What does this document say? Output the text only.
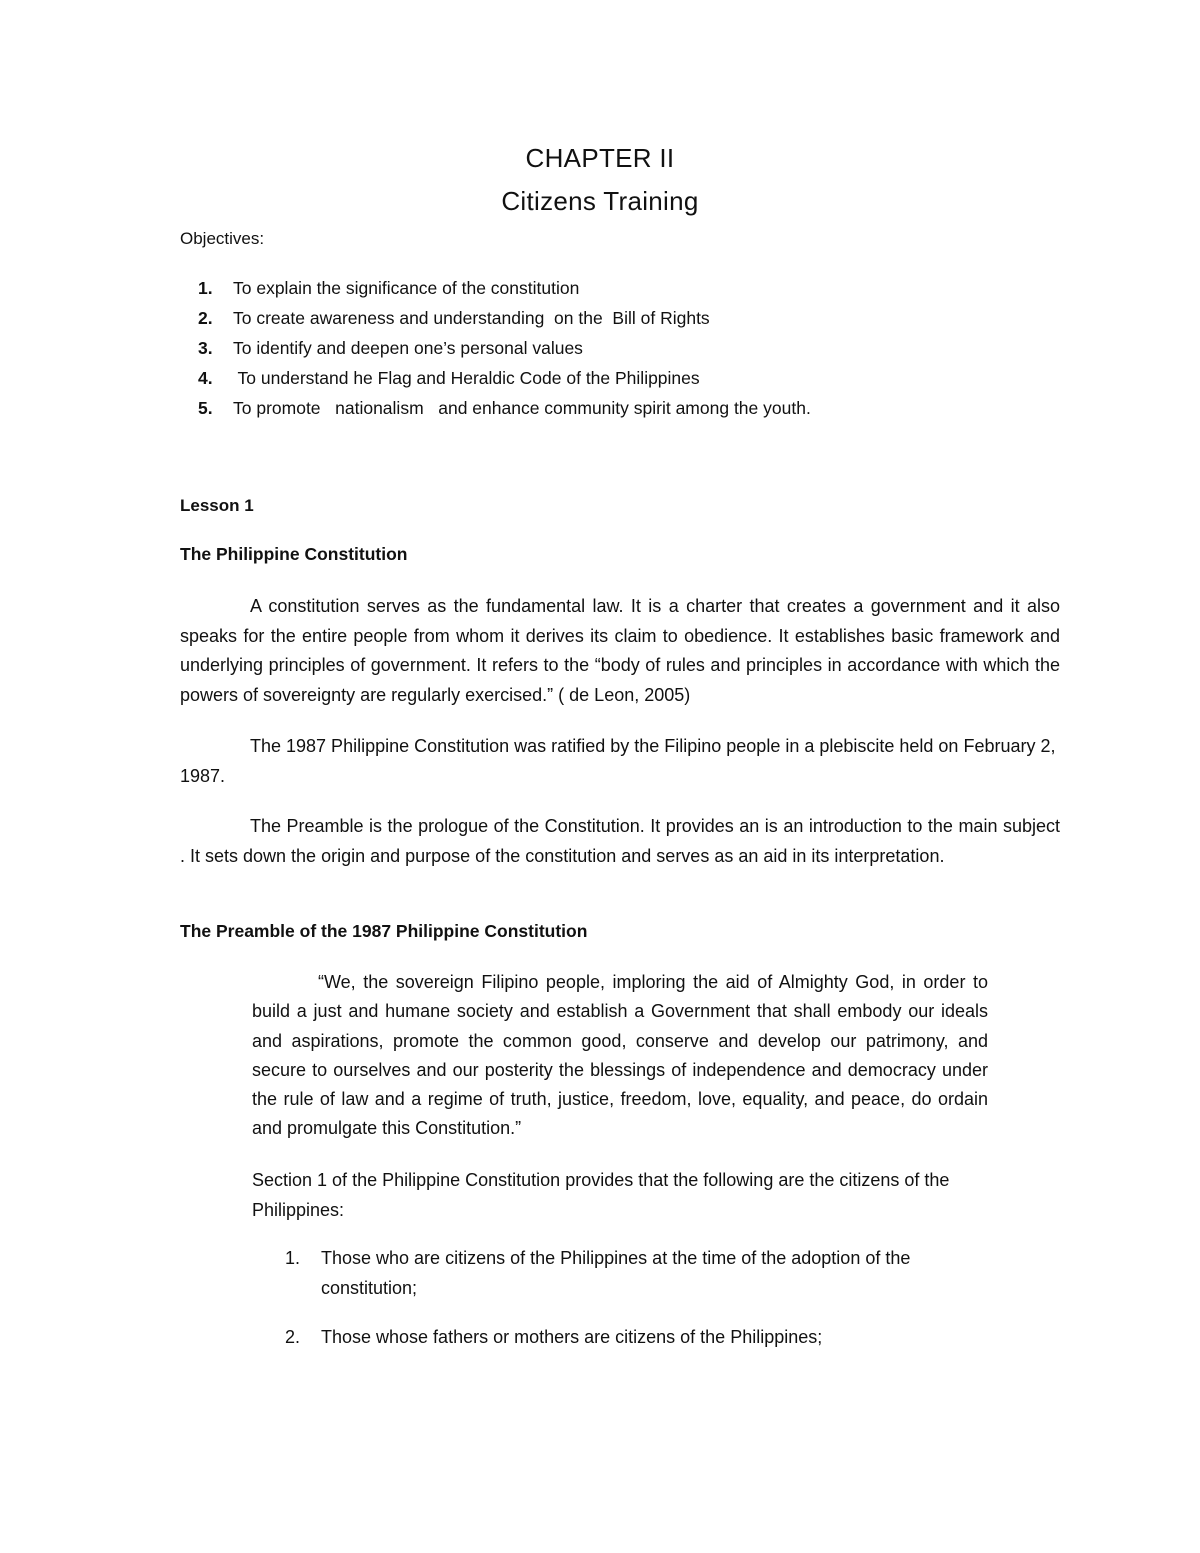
CHAPTER II
Citizens Training
Objectives:
1.	To explain the significance of the constitution
2.	To create awareness and understanding  on the  Bill of Rights
3.	To identify and deepen one’s personal values
4.	To understand he Flag and Heraldic Code of the Philippines
5.	To promote   nationalism   and enhance community spirit among the youth.
Lesson 1
The Philippine Constitution

A constitution serves as the fundamental law. It is a charter that creates a government and it also speaks for the entire people from whom it derives its claim to obedience. It establishes basic framework and underlying principles of government. It refers to the “body of rules and principles in accordance with which the powers of sovereignty are regularly exercised.” ( de Leon, 2005)

The 1987 Philippine Constitution was ratified by the Filipino people in a plebiscite held on February 2, 1987.

The Preamble is the prologue of the Constitution. It provides an is an introduction to the main subject . It sets down the origin and purpose of the constitution and serves as an aid in its interpretation.

The Preamble of the 1987 Philippine Constitution

“We, the sovereign Filipino people, imploring the aid of Almighty God, in order to build a just and humane society and establish a Government that shall embody our ideals and aspirations, promote the common good, conserve and develop our patrimony, and secure to ourselves and our posterity the blessings of independence and democracy under the rule of law and a regime of truth, justice, freedom, love, equality, and peace, do ordain and promulgate this Constitution.”

Section 1 of the Philippine Constitution provides that the following are the citizens of the Philippines:

1.	Those who are citizens of the Philippines at the time of the adoption of the constitution;
2.	Those whose fathers or mothers are citizens of the Philippines;
